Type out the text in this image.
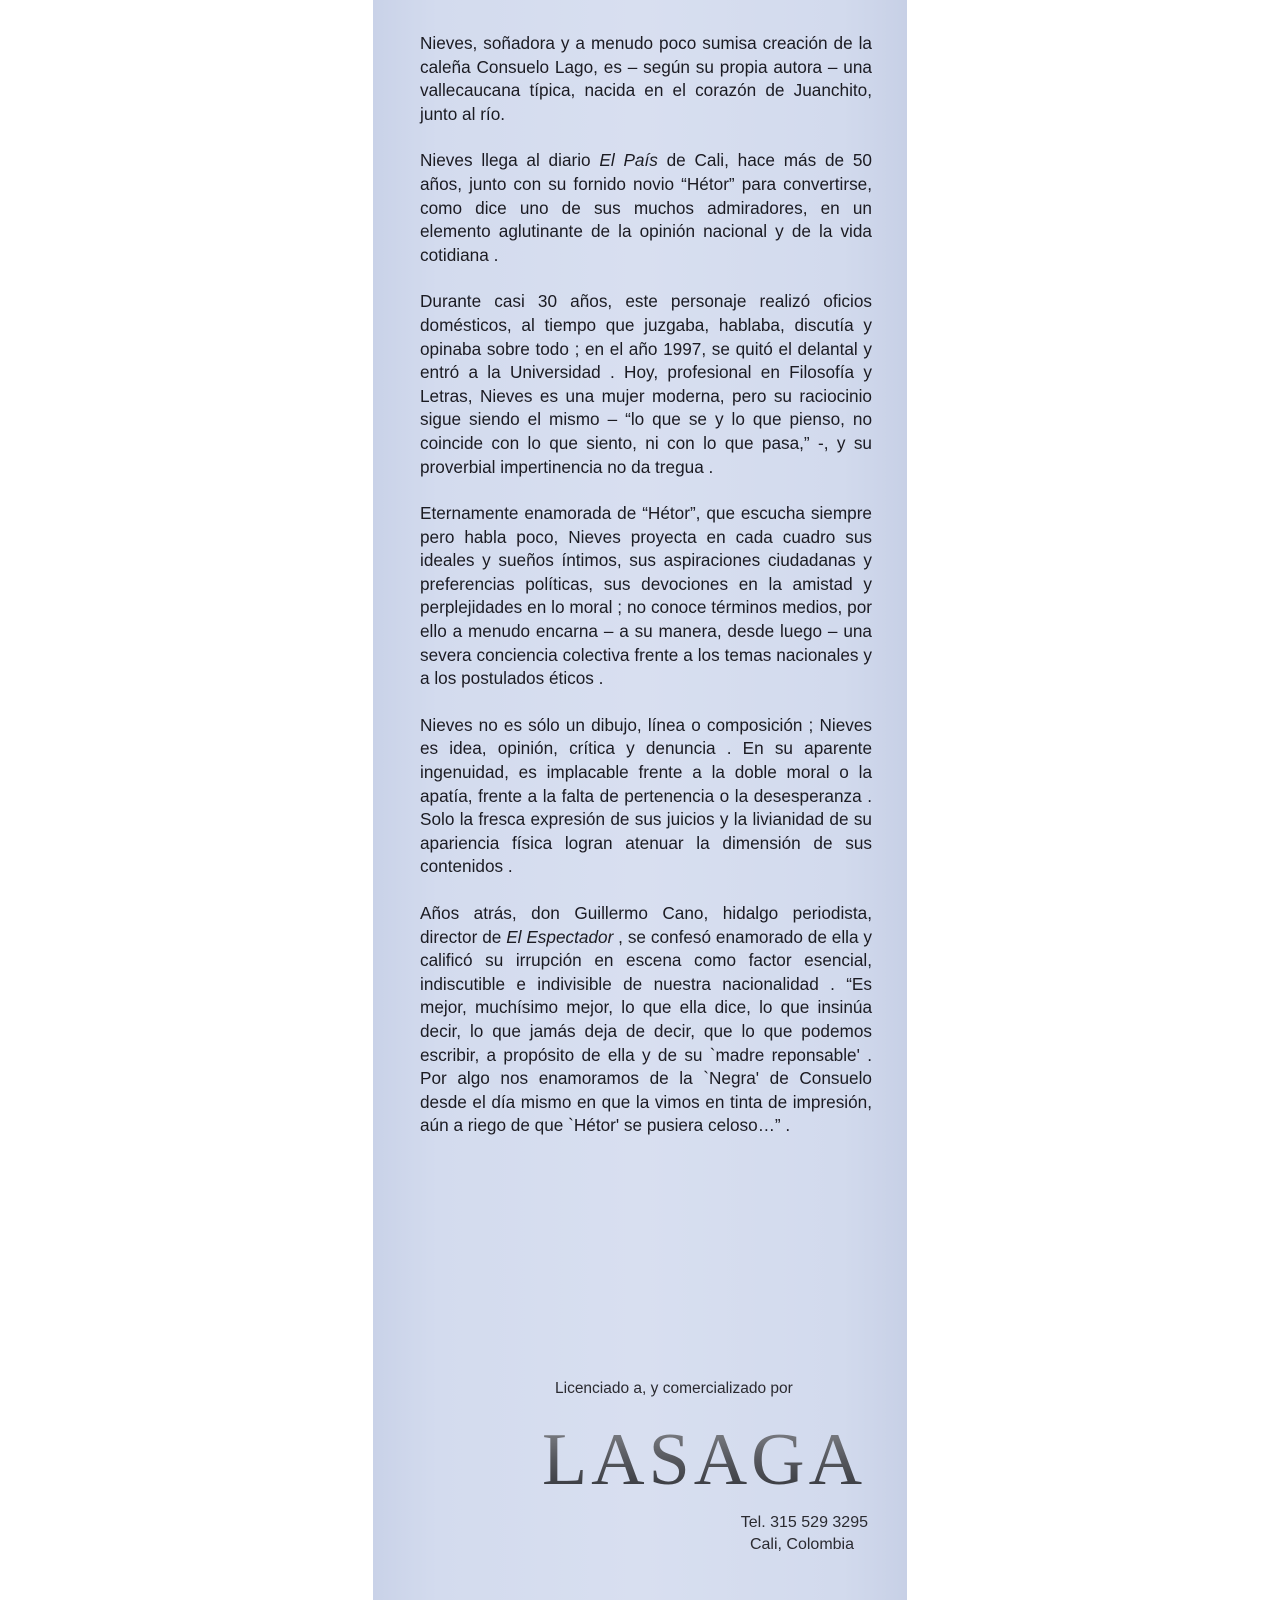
Nieves, soñadora y a menudo poco sumisa creación de la caleña Consuelo Lago, es – según su propia autora – una vallecaucana típica, nacida en el corazón de Juanchito, junto al río.

Nieves llega al diario El País de Cali, hace más de 50 años, junto con su fornido novio “Hétor” para convertirse, como dice uno de sus muchos admiradores, en un elemento aglutinante de la opinión nacional y de la vida cotidiana .

Durante casi 30 años, este personaje realizó oficios domésticos, al tiempo que juzgaba, hablaba, discutía y opinaba sobre todo ; en el año 1997, se quitó el delantal y entró a la Universidad . Hoy, profesional en Filosofía y Letras, Nieves es una mujer moderna, pero su raciocinio sigue siendo el mismo – “lo que se y lo que pienso, no coincide con lo que siento, ni con lo que pasa,” -, y su proverbial impertinencia no da tregua .

Eternamente enamorada de “Hétor”, que escucha siempre pero habla poco, Nieves proyecta en cada cuadro sus ideales y sueños íntimos, sus aspiraciones ciudadanas y preferencias políticas, sus devociones en la amistad y perplejidades en lo moral ; no conoce términos medios, por ello a menudo encarna – a su manera, desde luego – una severa conciencia colectiva frente a los temas nacionales y a los postulados éticos .

Nieves no es sólo un dibujo, línea o composición ; Nieves es idea, opinión, crítica y denuncia . En su aparente ingenuidad, es implacable frente a la doble moral o la apatía, frente a la falta de pertenencia o la desesperanza . Solo la fresca expresión de sus juicios y la livianidad de su apariencia física logran atenuar la dimensión de sus contenidos .

Años atrás, don Guillermo Cano, hidalgo periodista, director de El Espectador , se confesó enamorado de ella y calificó su irrupción en escena como factor esencial, indiscutible e indivisible de nuestra nacionalidad . “Es mejor, muchísimo mejor, lo que ella dice, lo que insinúa decir, lo que jamás deja de decir, que lo que podemos escribir, a propósito de ella y de su `madre reponsable' . Por algo nos enamoramos de la `Negra' de Consuelo desde el día mismo en que la vimos en tinta de impresión, aún a riego de que `Hétor' se pusiera celoso…” .

Licenciado a, y comercializado por
LASAGA
Tel. 315 529 3295
Cali, Colombia
